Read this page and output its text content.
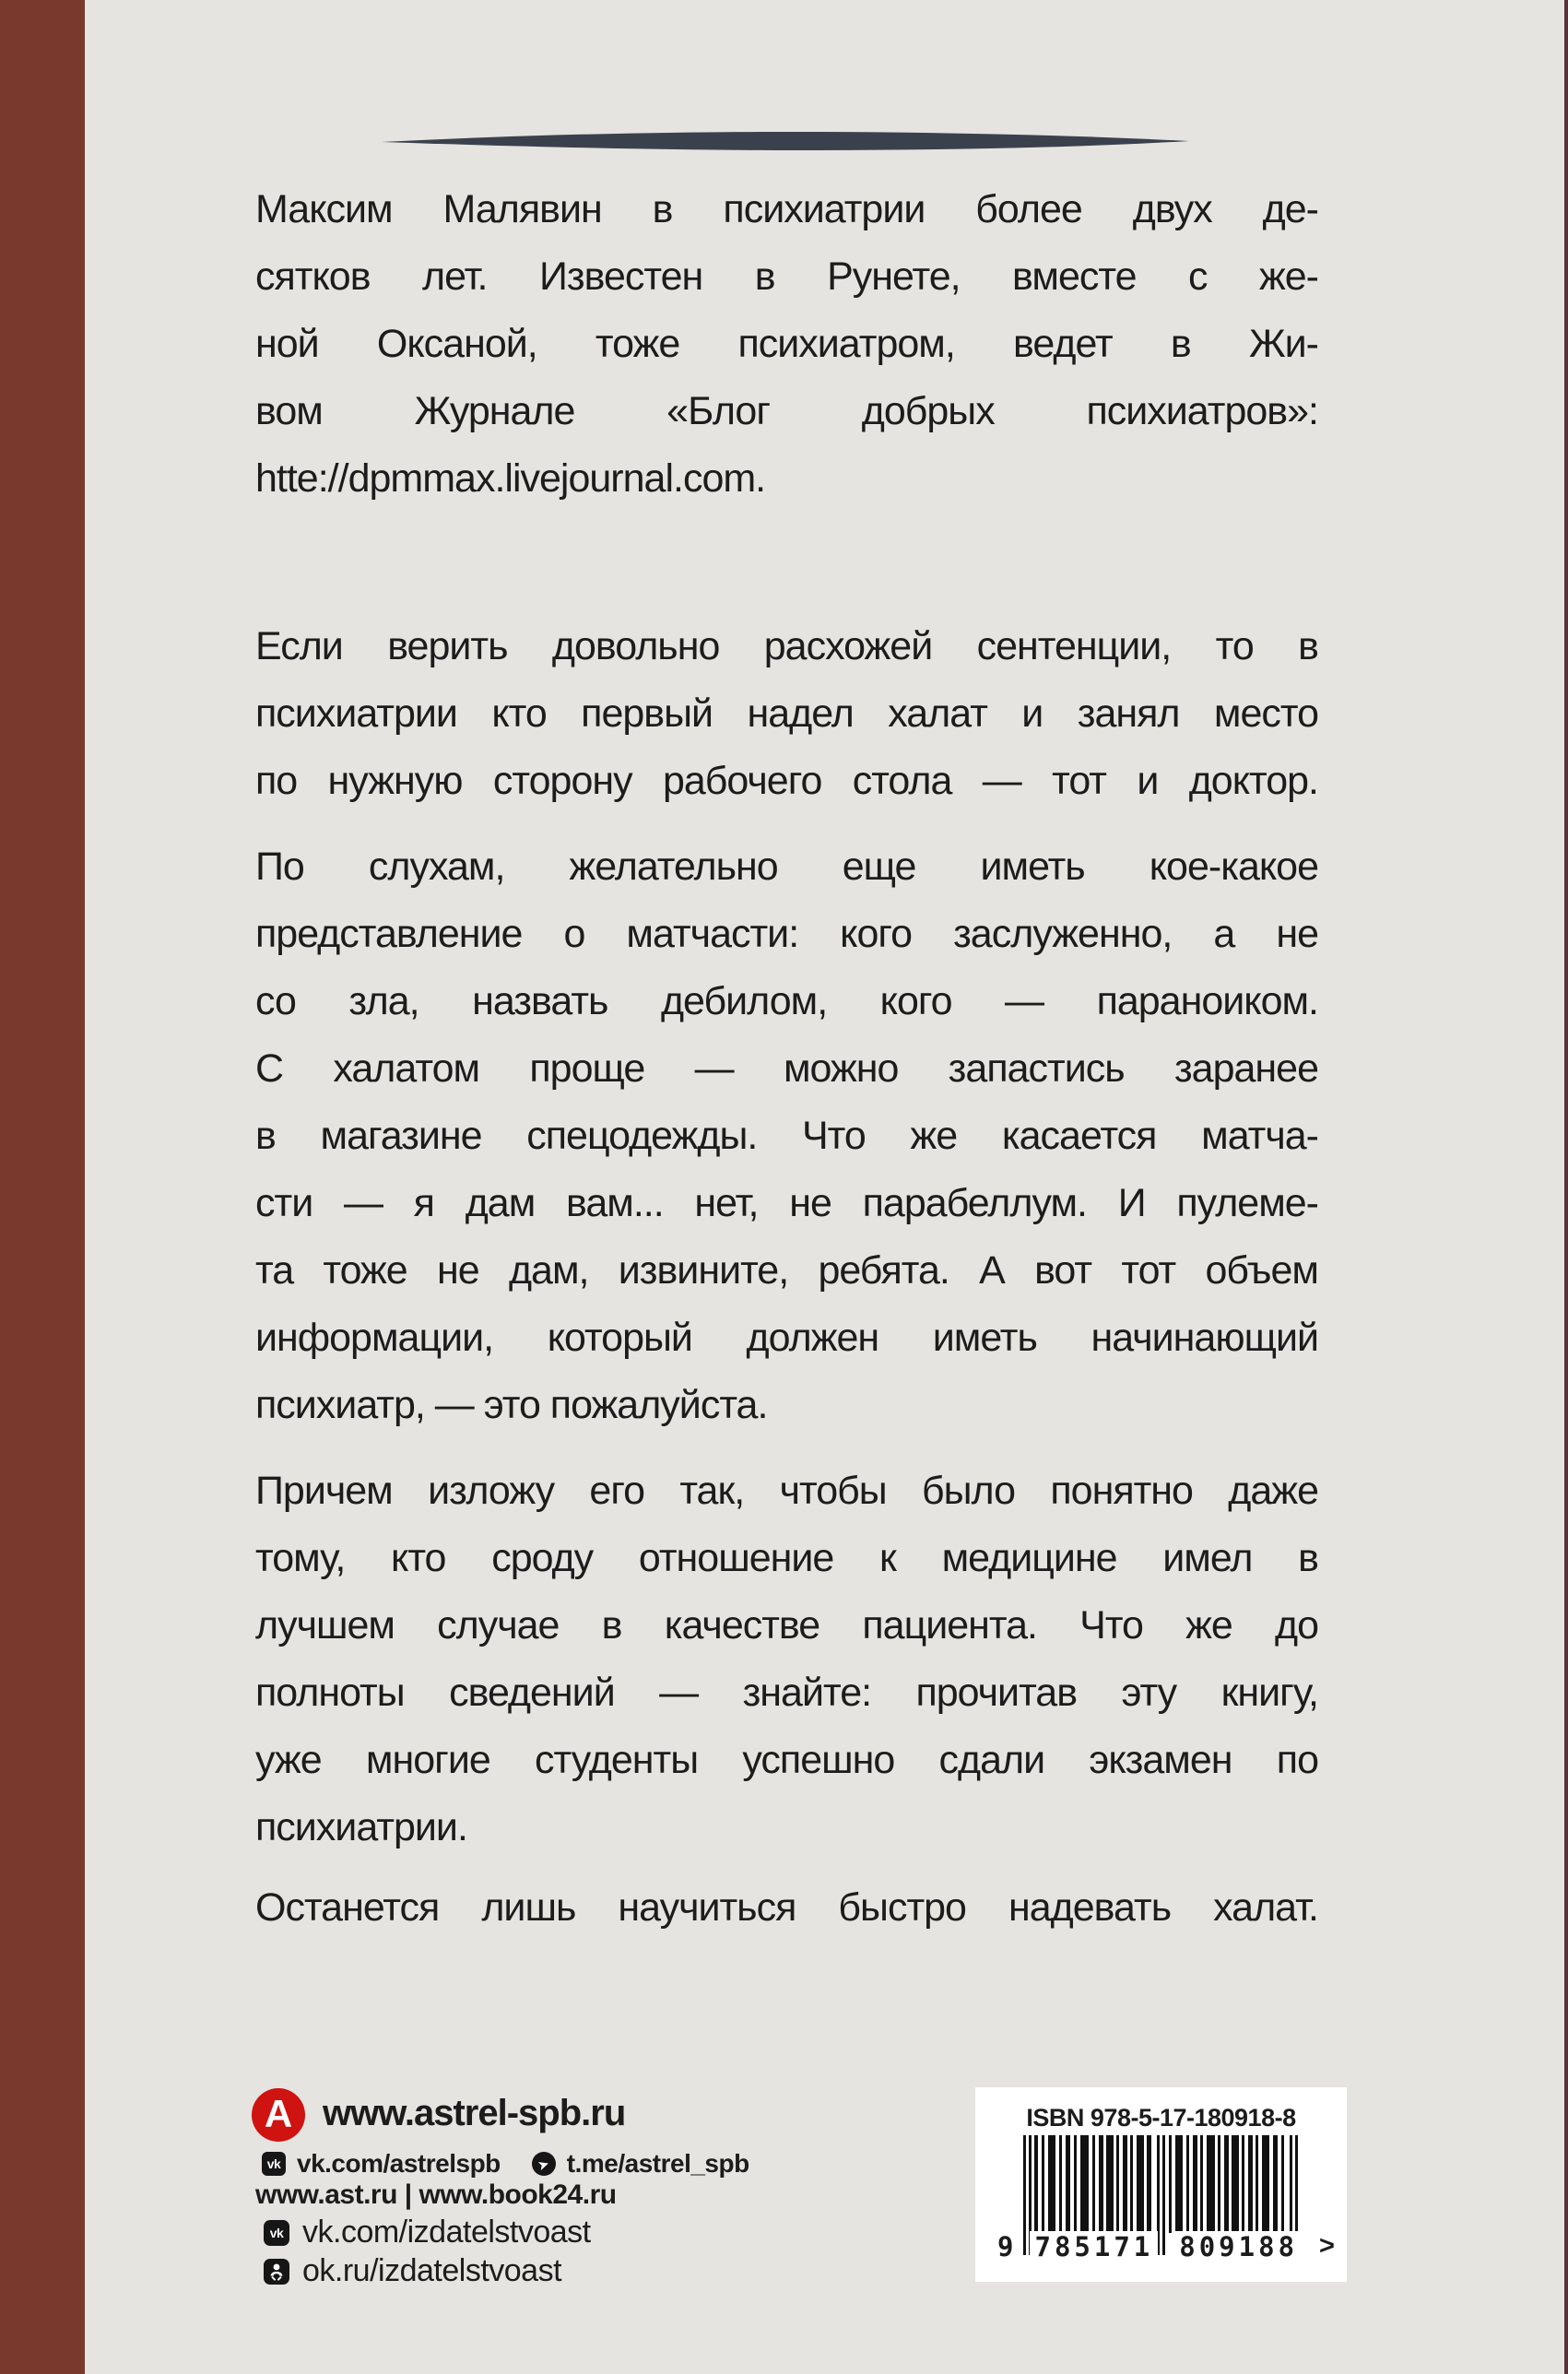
Максим Малявин в психиатрии более двух де-
сятков лет. Известен в Рунете, вместе с же-
ной Оксаной, тоже психиатром, ведет в Жи-
вом Журнале «Блог добрых психиатров»:
htte://dpmmax.livejournal.com.
Если верить довольно расхожей сентенции, то в
психиатрии кто первый надел халат и занял место
по нужную сторону рабочего стола — тот и доктор.
По слухам, желательно еще иметь кое-какое
представление о матчасти: кого заслуженно, а не
со зла, назвать дебилом, кого — параноиком.
С халатом проще — можно запастись заранее
в магазине спецодежды. Что же касается матча-
сти — я дам вам... нет, не парабеллум. И пулеме-
та тоже не дам, извините, ребята. А вот тот объем
информации, который должен иметь начинающий
психиатр, — это пожалуйста.
Причем изложу его так, чтобы было понятно даже
тому, кто сроду отношение к медицине имел в
лучшем случае в качестве пациента. Что же до
полноты сведений — знайте: прочитав эту книгу,
уже многие студенты успешно сдали экзамен по
психиатрии.
Останется лишь научиться быстро надевать халат.
A www.astrel-spb.ru
vk vk.com/astrelspb	➤ t.me/astrel_spb
www.ast.ru | www.book24.ru
vk vk.com/izdatelstvoast
ok.ru/izdatelstvoast
ISBN 978-5-17-180918-8
9 785171 809188 >
